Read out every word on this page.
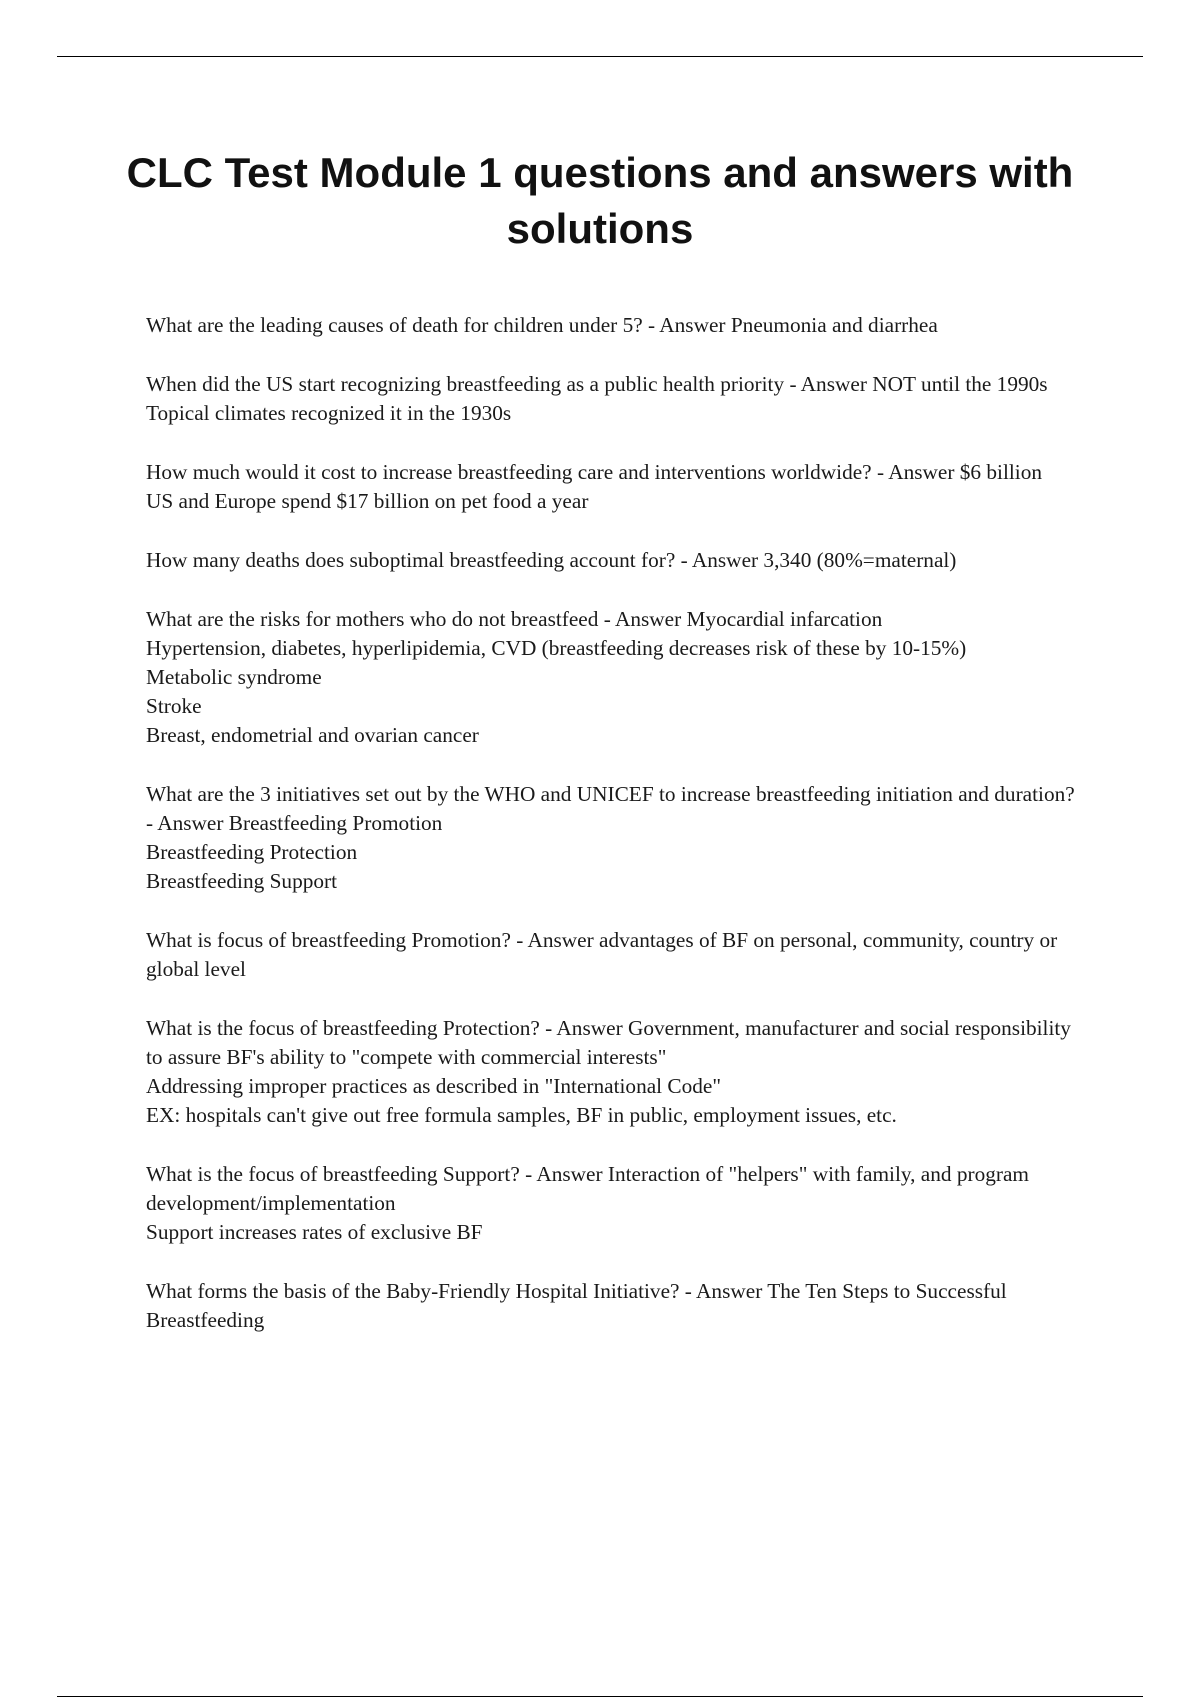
CLC Test Module 1 questions and answers with solutions

What are the leading causes of death for children under 5? - Answer Pneumonia and diarrhea

When did the US start recognizing breastfeeding as a public health priority - Answer NOT until the 1990s

Topical climates recognized it in the 1930s

How much would it cost to increase breastfeeding care and interventions worldwide? - Answer $6 billion

US and Europe spend $17 billion on pet food a year

How many deaths does suboptimal breastfeeding account for? - Answer 3,340 (80%=maternal)

What are the risks for mothers who do not breastfeed - Answer Myocardial infarcation

Hypertension, diabetes, hyperlipidemia, CVD (breastfeeding decreases risk of these by 10-15%)

Metabolic syndrome

Stroke

Breast, endometrial and ovarian cancer

What are the 3 initiatives set out by the WHO and UNICEF to increase breastfeeding initiation and duration? - Answer Breastfeeding Promotion

Breastfeeding Protection

Breastfeeding Support

What is focus of breastfeeding Promotion? - Answer advantages of BF on personal, community, country or global level

What is the focus of breastfeeding Protection? - Answer Government, manufacturer and social responsibility to assure BF's ability to "compete with commercial interests"

Addressing improper practices as described in "International Code"

EX: hospitals can't give out free formula samples, BF in public, employment issues, etc.

What is the focus of breastfeeding Support? - Answer Interaction of "helpers" with family, and program development/implementation

Support increases rates of exclusive BF

What forms the basis of the Baby-Friendly Hospital Initiative? - Answer The Ten Steps to Successful Breastfeeding
